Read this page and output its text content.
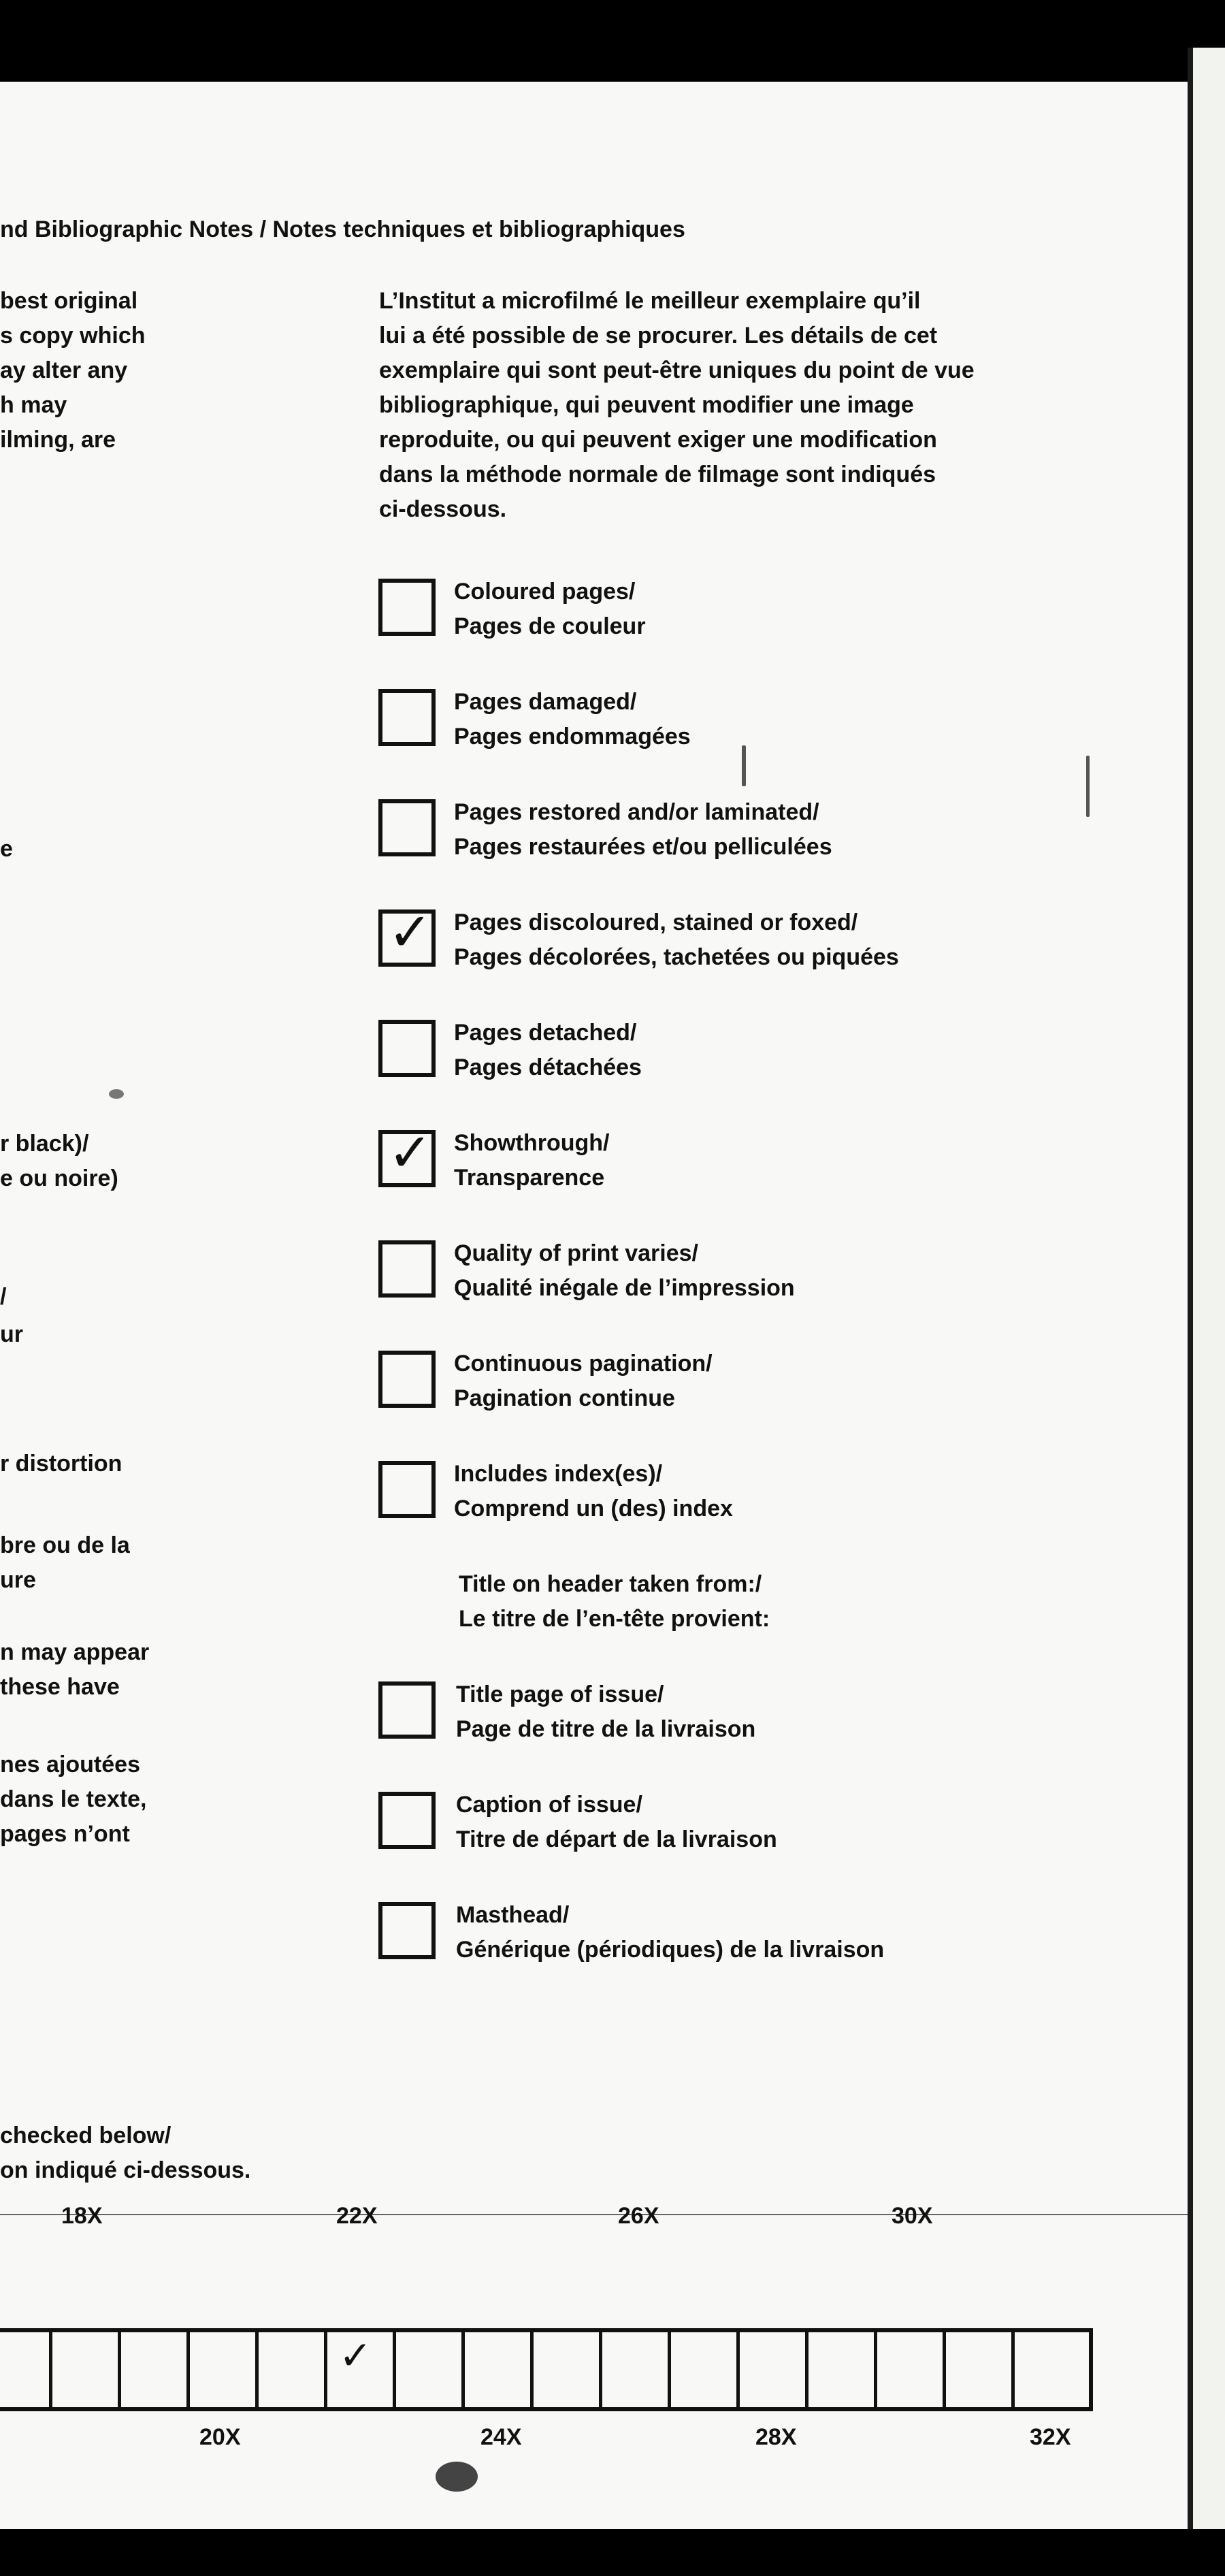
nd Bibliographic Notes / Notes techniques et bibliographiques
best original
s copy which
ay alter any
h may
ilming, are
e
r black)/
e ou noire)
/
ur
r distortion
bre ou de la
ure
n may appear
these have
nes ajoutées
dans le texte,
pages n’ont
checked below/
on indiqué ci-dessous.
L’Institut a microfilmé le meilleur exemplaire qu’il
lui a été possible de se procurer. Les détails de cet
exemplaire qui sont peut-être uniques du point de vue
bibliographique, qui peuvent modifier une image
reproduite, ou qui peuvent exiger une modification
dans la méthode normale de filmage sont indiqués
ci-dessous.
Coloured pages/
Pages de couleur
Pages damaged/
Pages endommagées
Pages restored and/or laminated/
Pages restaurées et/ou pelliculées
✓ Pages discoloured, stained or foxed/
Pages décolorées, tachetées ou piquées
Pages detached/
Pages détachées
✓ Showthrough/
Transparence
Quality of print varies/
Qualité inégale de l’impression
Continuous pagination/
Pagination continue
Includes index(es)/
Comprend un (des) index
Title on header taken from:/
Le titre de l’en-tête provient:
Title page of issue/
Page de titre de la livraison
Caption of issue/
Titre de départ de la livraison
Masthead/
Générique (périodiques) de la livraison
18X	22X	26X	30X
✓
20X	24X	28X	32X
